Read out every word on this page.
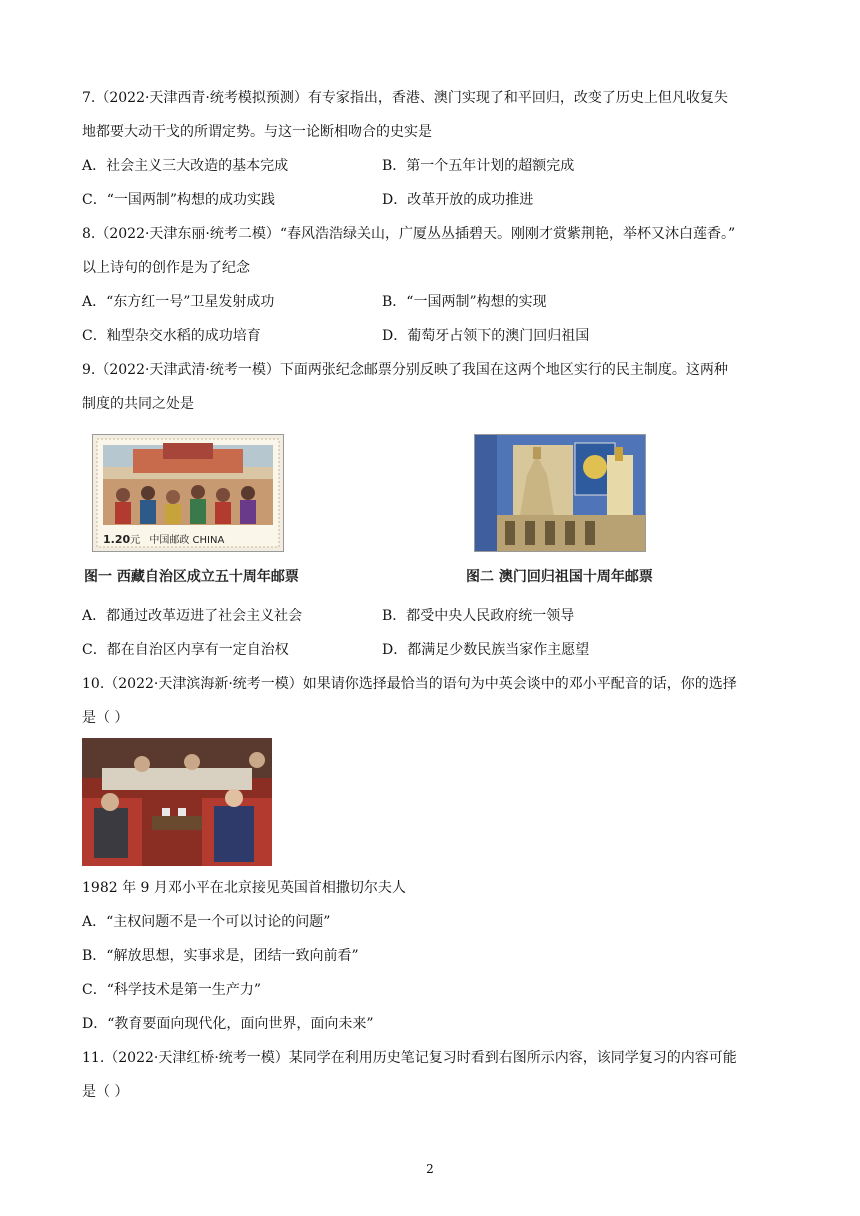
7.（2022·天津西青·统考模拟预测）有专家指出，香港、澳门实现了和平回归，改变了历史上但凡收复失
地都要大动干戈的所谓定势。与这一论断相吻合的史实是
A．社会主义三大改造的基本完成	B．第一个五年计划的超额完成
C．“一国两制”构想的成功实践	D．改革开放的成功推进
8.（2022·天津东丽·统考二模）“春风浩浩绿关山，广厦丛丛插碧天。刚刚才赏紫荆艳，举杯又沐白莲香。”
以上诗句的创作是为了纪念
A．“东方红一号”卫星发射成功	B．“一国两制”构想的实现
C．籼型杂交水稻的成功培育	D．葡萄牙占领下的澳门回归祖国
9.（2022·天津武清·统考一模）下面两张纪念邮票分别反映了我国在这两个地区实行的民主制度。这两种
制度的共同之处是
1.20元 中国邮政 CHINA
图一 西藏自治区成立五十周年邮票	图二 澳门回归祖国十周年邮票
A．都通过改革迈进了社会主义社会	B．都受中央人民政府统一领导
C．都在自治区内享有一定自治权	D．都满足少数民族当家作主愿望
10.（2022·天津滨海新·统考一模）如果请你选择最恰当的语句为中英会谈中的邓小平配音的话，你的选择
是（ ）
1982 年 9 月邓小平在北京接见英国首相撒切尔夫人
A．“主权问题不是一个可以讨论的问题”
B．“解放思想，实事求是，团结一致向前看”
C．“科学技术是第一生产力”
D．“教育要面向现代化，面向世界，面向未来”
11.（2022·天津红桥·统考一模）某同学在利用历史笔记复习时看到右图所示内容，该同学复习的内容可能
是（ ）
2
